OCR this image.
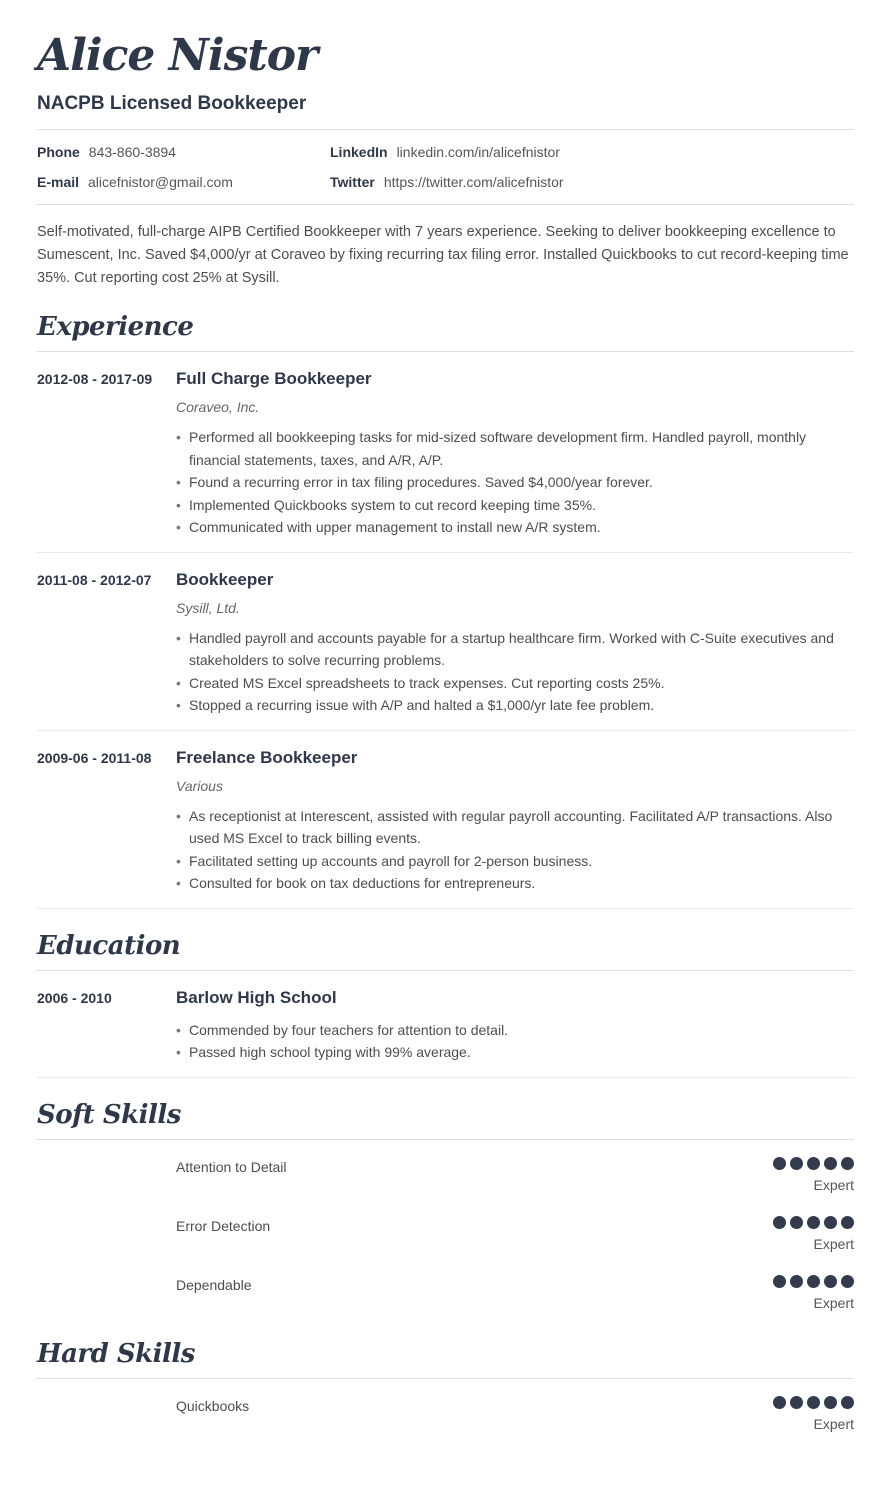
Alice Nistor
NACPB Licensed Bookkeeper
Phone 843-860-3894	LinkedIn linkedin.com/in/alicefnistor
E-mail alicefnistor@gmail.com	Twitter https://twitter.com/alicefnistor

Self-motivated, full-charge AIPB Certified Bookkeeper with 7 years experience. Seeking to deliver bookkeeping excellence to Sumescent, Inc. Saved $4,000/yr at Coraveo by fixing recurring tax filing error. Installed Quickbooks to cut record-keeping time 35%. Cut reporting cost 25% at Sysill.

Experience
2012-08 - 2017-09	Full Charge Bookkeeper
Coraveo, Inc.
• Performed all bookkeeping tasks for mid-sized software development firm. Handled payroll, monthly financial statements, taxes, and A/R, A/P.
• Found a recurring error in tax filing procedures. Saved $4,000/year forever.
• Implemented Quickbooks system to cut record keeping time 35%.
• Communicated with upper management to install new A/R system.
2011-08 - 2012-07	Bookkeeper
Sysill, Ltd.
• Handled payroll and accounts payable for a startup healthcare firm. Worked with C-Suite executives and stakeholders to solve recurring problems.
• Created MS Excel spreadsheets to track expenses. Cut reporting costs 25%.
• Stopped a recurring issue with A/P and halted a $1,000/yr late fee problem.
2009-06 - 2011-08	Freelance Bookkeeper
Various
• As receptionist at Interescent, assisted with regular payroll accounting. Facilitated A/P transactions. Also used MS Excel to track billing events.
• Facilitated setting up accounts and payroll for 2-person business.
• Consulted for book on tax deductions for entrepreneurs.
Education
2006 - 2010	Barlow High School
• Commended by four teachers for attention to detail.
• Passed high school typing with 99% average.
Soft Skills
Attention to Detail
Expert
Error Detection
Expert
Dependable
Expert
Hard Skills
Quickbooks
Expert
